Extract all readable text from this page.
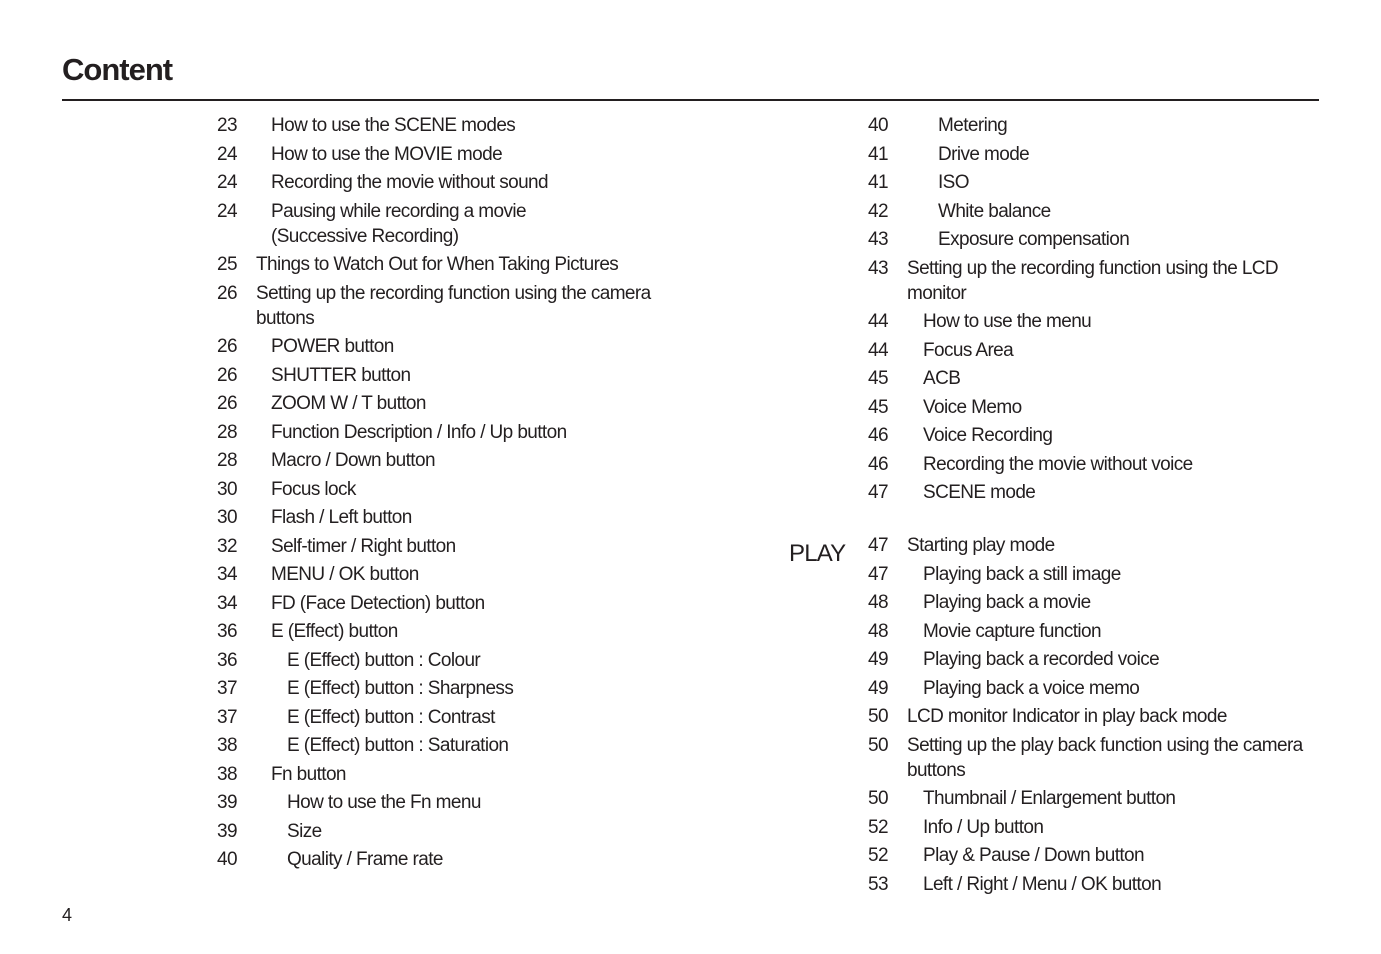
Content
23	How to use the SCENE modes
24	How to use the MOVIE mode
24	Recording the movie without sound
24	Pausing while recording a movie (Successive Recording)
25	Things to Watch Out for When Taking Pictures
26	Setting up the recording function using the camera buttons
26	POWER button
26	SHUTTER button
26	ZOOM W / T button
28	Function Description / Info / Up button
28	Macro / Down button
30	Focus lock
30	Flash / Left button
32	Self-timer / Right button
34	MENU / OK button
34	FD (Face Detection) button
36	E (Effect) button
36	E (Effect) button : Colour
37	E (Effect) button : Sharpness
37	E (Effect) button : Contrast
38	E (Effect) button : Saturation
38	Fn button
39	How to use the Fn menu
39	Size
40	Quality / Frame rate
PLAY
40	Metering
41	Drive mode
41	ISO
42	White balance
43	Exposure compensation
43	Setting up the recording function using the LCD monitor
44	How to use the menu
44	Focus Area
45	ACB
45	Voice Memo
46	Voice Recording
46	Recording the movie without voice
47	SCENE mode
47	Starting play mode
47	Playing back a still image
48	Playing back a movie
48	Movie capture function
49	Playing back a recorded voice
49	Playing back a voice memo
50	LCD monitor Indicator in play back mode
50	Setting up the play back function using the camera buttons
50	Thumbnail / Enlargement button
52	Info / Up button
52	Play & Pause / Down button
53	Left / Right / Menu / OK button
4
